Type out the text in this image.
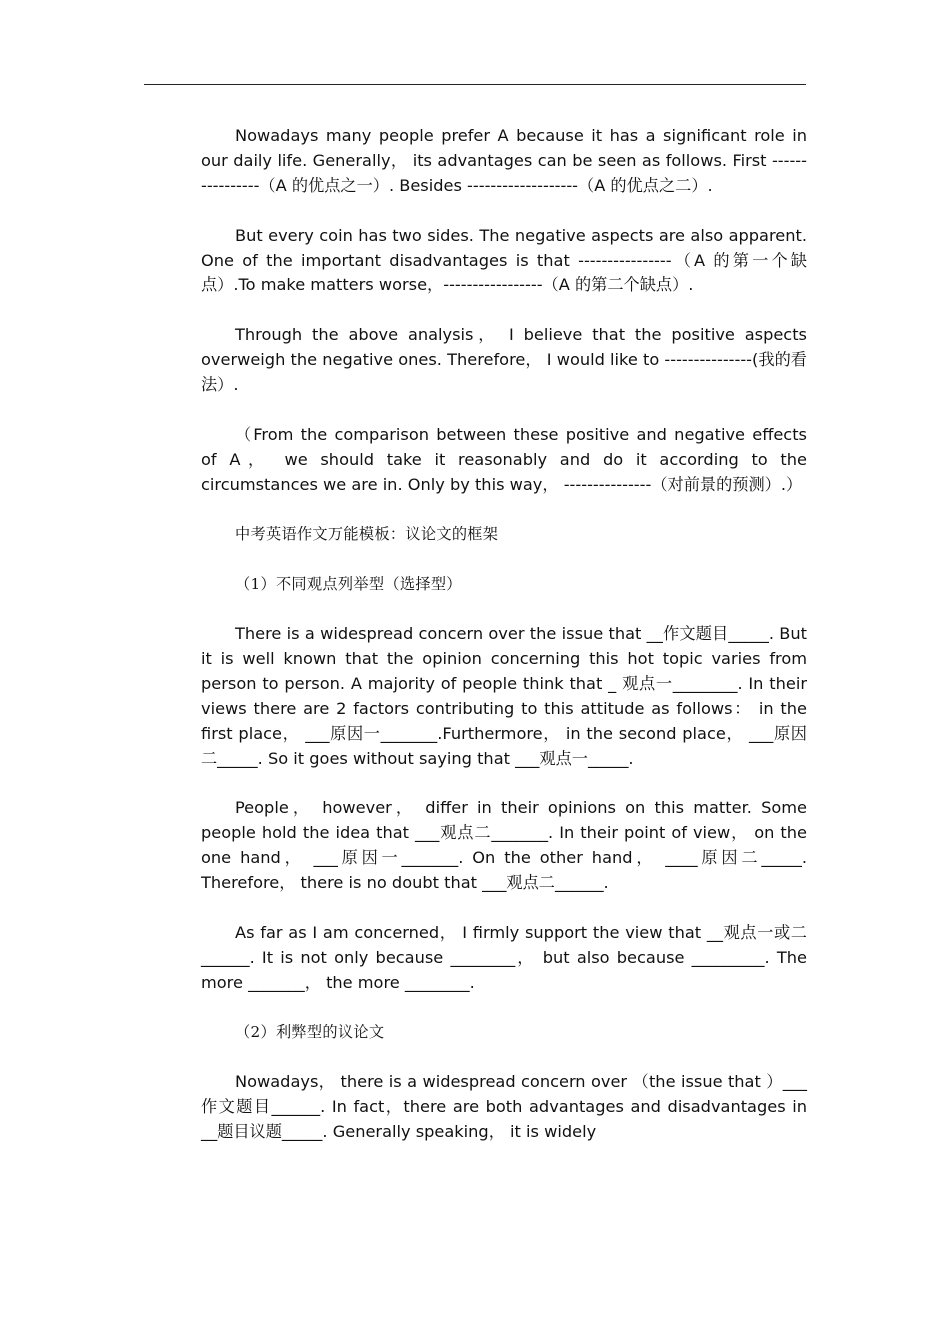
Nowadays many people prefer A because it has a significant role in our daily life. Generally， its advantages can be seen as follows. First ----------------（A 的优点之一）. Besides -------------------（A 的优点之二）.

But every coin has two sides. The negative aspects are also apparent. One of the important disadvantages is that ----------------（A 的第一个缺点）.To make matters worse，-----------------（A 的第二个缺点）.

Through the above analysis， I believe that the positive aspects overweigh the negative ones. Therefore， I would like to ---------------(我的看法）.

（From the comparison between these positive and negative effects of A， we should take it reasonably and do it according to the circumstances we are in. Only by this way， ---------------（对前景的预测）.）

中考英语作文万能模板：议论文的框架

（1）不同观点列举型（选择型）

There is a widespread concern over the issue that __作文题目_____. But it is well known that the opinion concerning this hot topic varies from person to person. A majority of people think that _ 观点一________. In their views there are 2 factors contributing to this attitude as follows： in the first place， ___原因一_______.Furthermore， in the second place， ___原因二_____. So it goes without saying that ___观点一_____.

People， however， differ in their opinions on this matter. Some people hold the idea that ___观点二_______. In their point of view， on the one hand， ___原因一_______. On the other hand， ____原因二_____. Therefore， there is no doubt that ___观点二______.

As far as I am concerned， I firmly support the view that __观点一或二______. It is not only because ________， but also because _________. The more _______， the more ________.

（2）利弊型的议论文

Nowadays， there is a widespread concern over （the issue that ）___作文题目______. In fact，there are both advantages and disadvantages in __题目议题_____. Generally speaking， it is widely
